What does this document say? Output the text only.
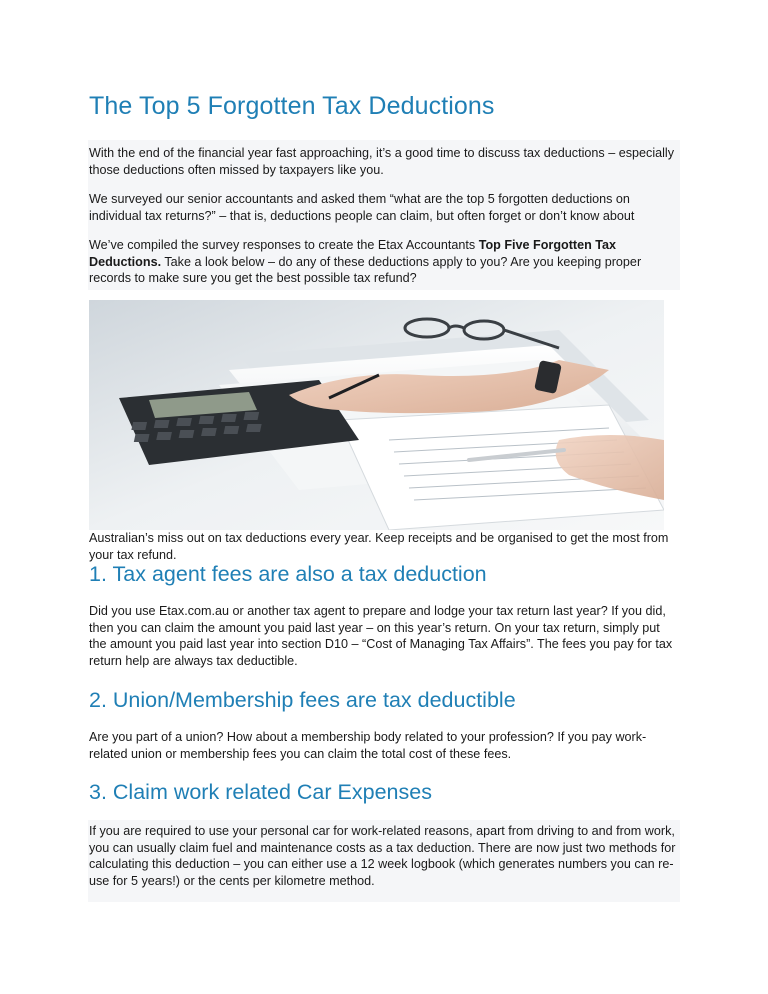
The Top 5 Forgotten Tax Deductions

With the end of the financial year fast approaching, it’s a good time to discuss tax deductions – especially those deductions often missed by taxpayers like you.

We surveyed our senior accountants and asked them “what are the top 5 forgotten deductions on individual tax returns?” – that is, deductions people can claim, but often forget or don’t know about

We’ve compiled the survey responses to create the Etax Accountants Top Five Forgotten Tax Deductions. Take a look below – do any of these deductions apply to you? Are you keeping proper records to make sure you get the best possible tax refund?

Australian’s miss out on tax deductions every year. Keep receipts and be organised to get the most from your tax refund.

1. Tax agent fees are also a tax deduction

Did you use Etax.com.au or another tax agent to prepare and lodge your tax return last year? If you did, then you can claim the amount you paid last year – on this year’s return. On your tax return, simply put the amount you paid last year into section D10 – “Cost of Managing Tax Affairs”. The fees you pay for tax return help are always tax deductible.

2. Union/Membership fees are tax deductible

Are you part of a union? How about a membership body related to your profession? If you pay work-related union or membership fees you can claim the total cost of these fees.

3. Claim work related Car Expenses

If you are required to use your personal car for work-related reasons, apart from driving to and from work, you can usually claim fuel and maintenance costs as a tax deduction. There are now just two methods for calculating this deduction – you can either use a 12 week logbook (which generates numbers you can re-use for 5 years!) or the cents per kilometre method.
